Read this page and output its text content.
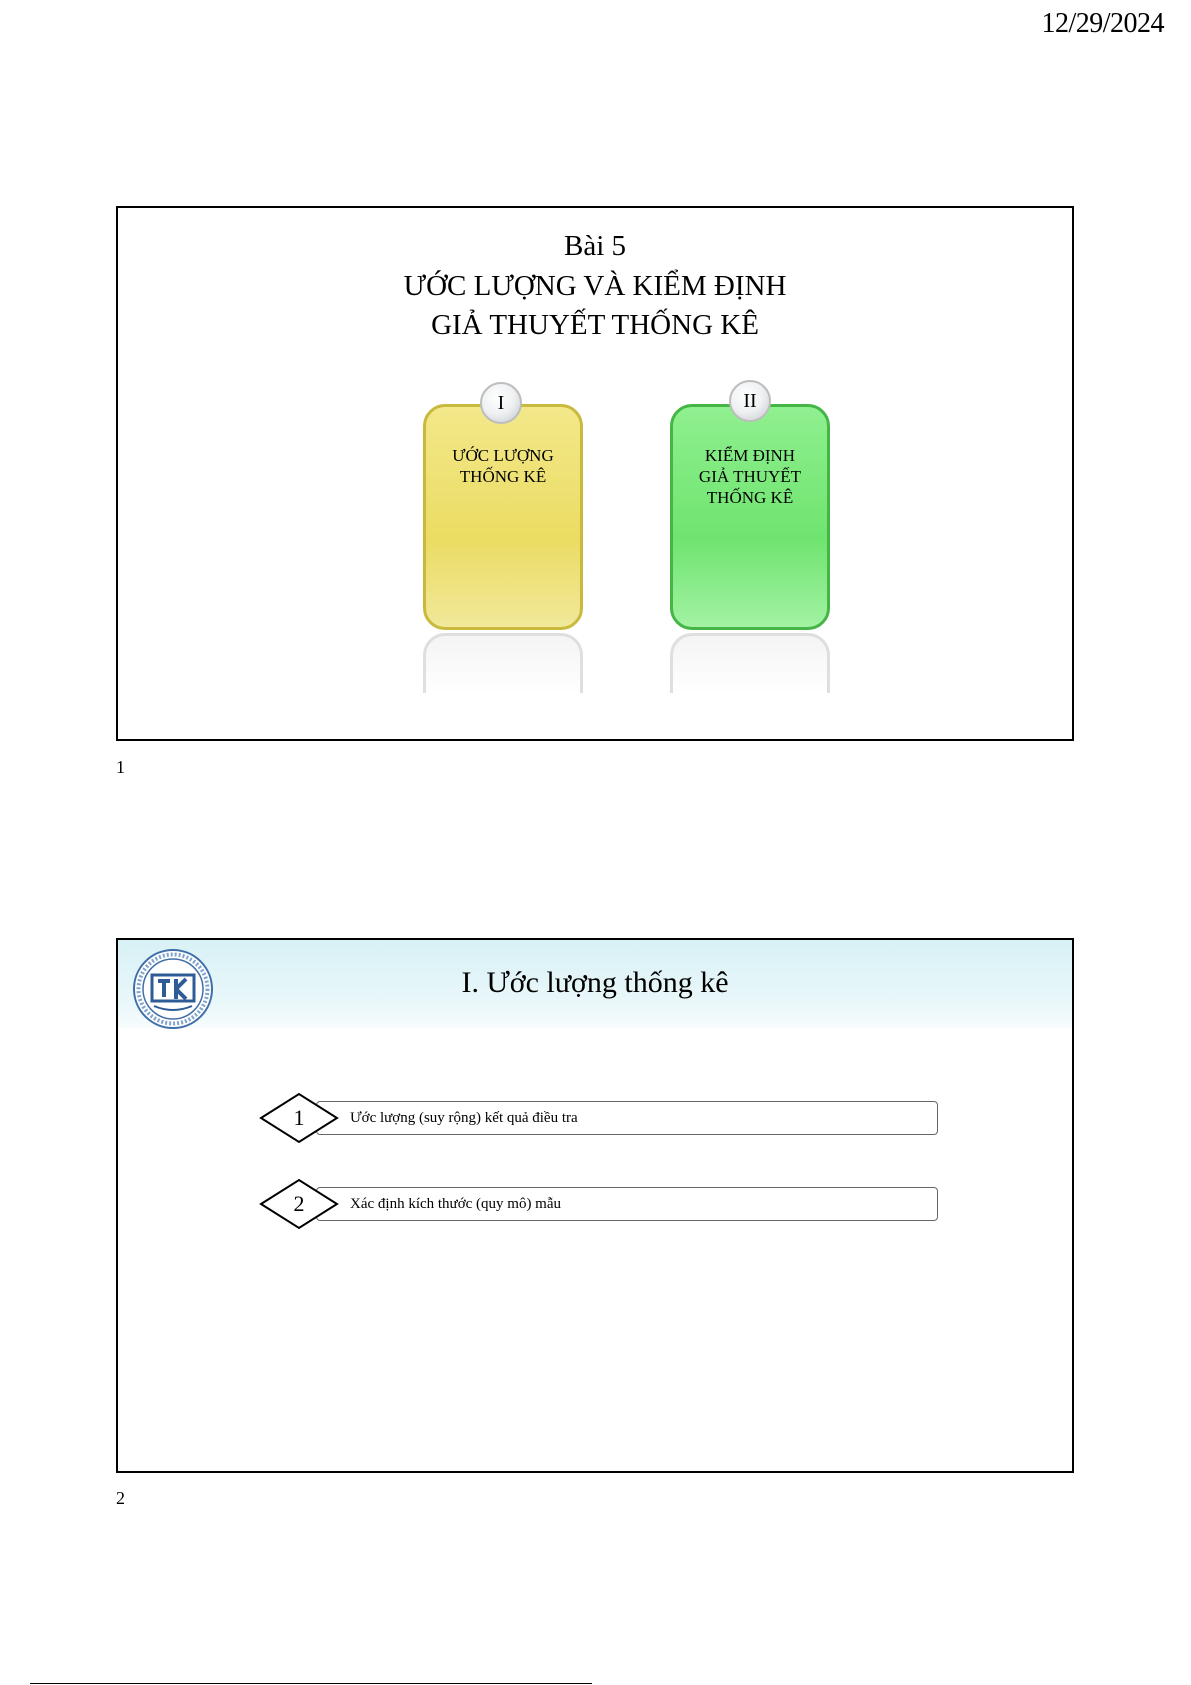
12/29/2024
Bài 5
ƯỚC LƯỢNG VÀ KIỂM ĐỊNH
GIẢ THUYẾT THỐNG KÊ
ƯỚC LƯỢNG
THỐNG KÊ
I
KIỂM ĐỊNH
GIẢ THUYẾT
THỐNG KÊ
II
1
I. Ước lượng thống kê
1	Ước lượng (suy rộng) kết quả điều tra
2	Xác định kích thước (quy mô) mẫu
2
